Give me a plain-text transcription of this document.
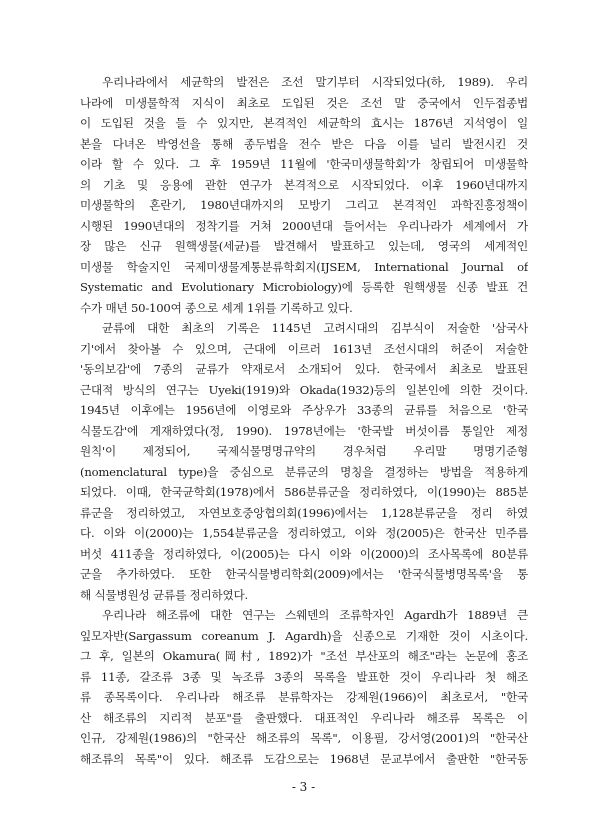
우리나라에서 세균학의 발전은 조선 말기부터 시작되었다(하, 1989). 우리
나라에 미생물학적 지식이 최초로 도입된 것은 조선 말 중국에서 인두접종법
이 도입된 것을 들 수 있지만, 본격적인 세균학의 효시는 1876년 지석영이 일
본을 다녀온 박영선을 통해 종두법을 전수 받은 다음 이를 널리 발전시킨 것
이라 할 수 있다. 그 후 1959년 11월에 '한국미생물학회'가 창립되어 미생물학
의 기초 및 응용에 관한 연구가 본격적으로 시작되었다. 이후 1960년대까지
미생물학의 혼란기, 1980년대까지의 모방기 그리고 본격적인 과학진흥정책이
시행된 1990년대의 정착기를 거쳐 2000년대 들어서는 우리나라가 세계에서 가
장 많은 신규 원핵생물(세균)를 발견해서 발표하고 있는데, 영국의 세계적인
미생물 학술지인 국제미생물계통분류학회지(IJSEM, International Journal of
Systematic and Evolutionary Microbiology)에 등록한 원핵생물 신종 발표 건
수가 매년 50-100여 종으로 세계 1위를 기록하고 있다.
균류에 대한 최초의 기록은 1145년 고려시대의 김부식이 저술한 '삼국사
기'에서 찾아볼 수 있으며, 근대에 이르러 1613년 조선시대의 허준이 저술한
'동의보감'에 7종의 균류가 약재로서 소개되어 있다. 한국에서 최초로 발표된
근대적 방식의 연구는 Uyeki(1919)와 Okada(1932)등의 일본인에 의한 것이다.
1945년 이후에는 1956년에 이영로와 주상우가 33종의 균류를 처음으로 '한국
식물도감'에 게재하였다(정, 1990). 1978년에는 '한국발 버섯이름 통일안 제정
원칙'이 제정되어, 국제식물명명규약의 경우처럼 우리말 명명기준형
(nomenclatural type)을 중심으로 분류군의 명칭을 결정하는 방법을 적용하게
되었다. 이때, 한국균학회(1978)에서 586분류군을 정리하였다, 이(1990)는 885분
류군을 정리하였고, 자연보호중앙협의회(1996)에서는 1,128분류군을 정리 하였
다. 이와 이(2000)는 1,554분류군을 정리하였고, 이와 정(2005)은 한국산 민주름
버섯 411종을 정리하였다, 이(2005)는 다시 이와 이(2000)의 조사목록에 80분류
군을 추가하였다. 또한 한국식물병리학회(2009)에서는 '한국식물병명목록'을 통
해 식물병원성 균류를 정리하였다.
우리나라 해조류에 대한 연구는 스웨덴의 조류학자인 Agardh가 1889년 큰
잎모자반(Sargassum coreanum J. Agardh)을 신종으로 기재한 것이 시초이다.
그 후, 일본의 Okamura(岡村, 1892)가 "조선 부산포의 해조"라는 논문에 홍조
류 11종, 갈조류 3종 및 녹조류 3종의 목록을 발표한 것이 우리나라 첫 해조
류 종목록이다. 우리나라 해조류 분류학자는 강제원(1966)이 최초로서, "한국
산 해조류의 지리적 분포"를 출판했다. 대표적인 우리나라 해조류 목록은 이
인규, 강제원(1986)의 "한국산 해조류의 목록", 이용필, 강서영(2001)의 "한국산
해조류의 목록"이 있다. 해조류 도감으로는 1968년 문교부에서 출판한 "한국동
- 3 -
